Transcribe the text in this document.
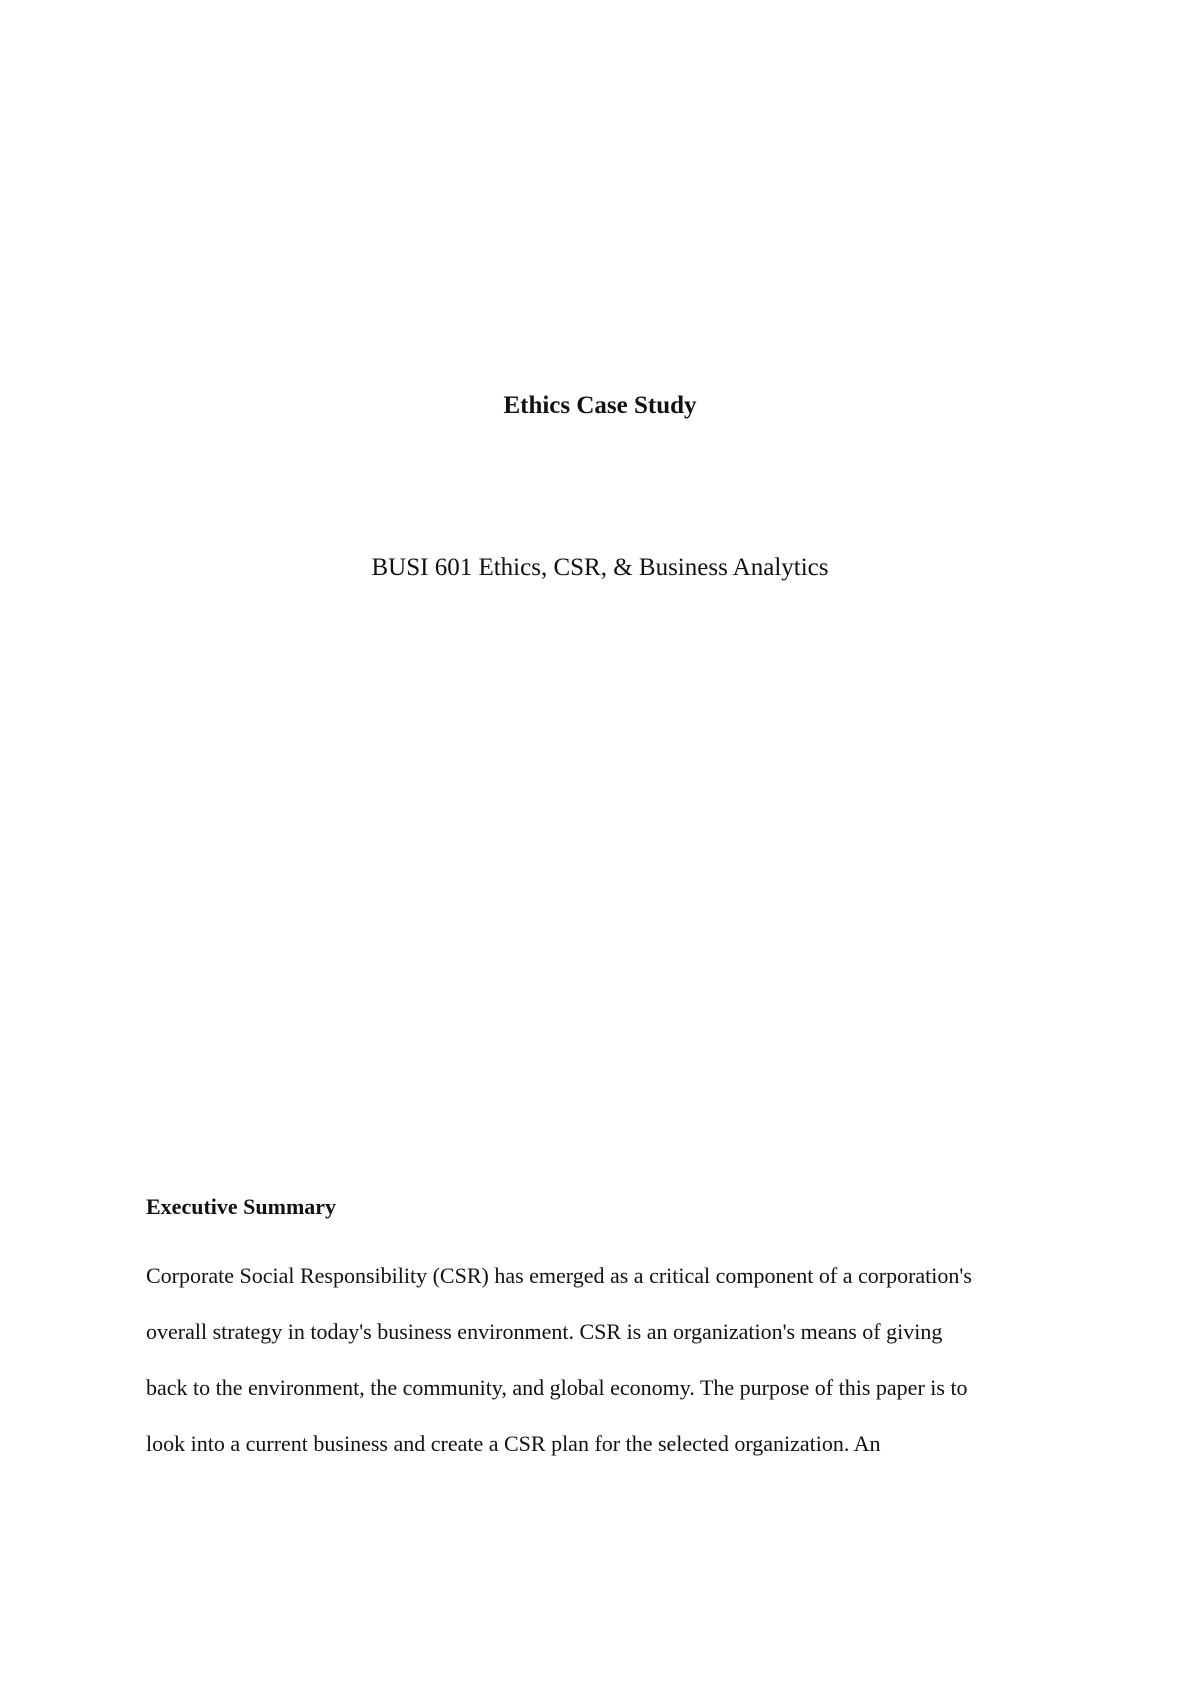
Ethics Case Study

BUSI 601 Ethics, CSR, & Business Analytics

Executive Summary
Corporate Social Responsibility (CSR) has emerged as a critical component of a corporation's
overall strategy in today's business environment. CSR is an organization's means of giving
back to the environment, the community, and global economy. The purpose of this paper is to
look into a current business and create a CSR plan for the selected organization. An
